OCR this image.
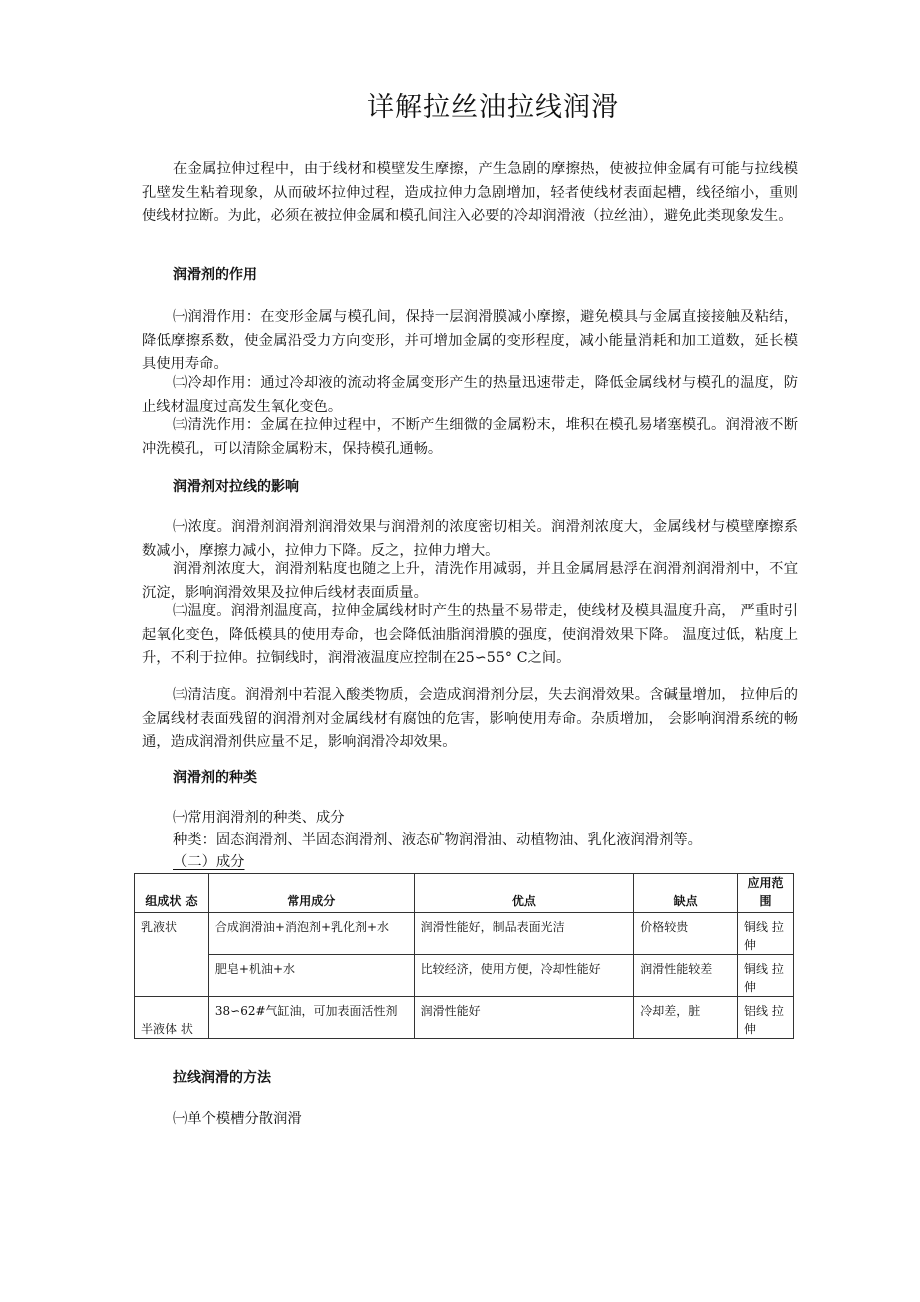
详解拉丝油拉线润滑
在金属拉伸过程中，由于线材和模壁发生摩擦，产生急剧的摩擦热，使被拉伸金属有可能与拉线模孔壁发生粘着现象，从而破坏拉伸过程，造成拉伸力急剧增加，轻者使线材表面起槽，线径缩小，重则使线材拉断。为此，必须在被拉伸金属和模孔间注入必要的冷却润滑液（拉丝油），避免此类现象发生。
润滑剂的作用
㈠润滑作用：在变形金属与模孔间，保持一层润滑膜减小摩擦，避免模具与金属直接接触及粘结，降低摩擦系数，使金属沿受力方向变形，并可增加金属的变形程度，减小能量消耗和加工道数，延长模具使用寿命。
㈡冷却作用：通过冷却液的流动将金属变形产生的热量迅速带走，降低金属线材与模孔的温度，防止线材温度过高发生氧化变色。
㈢清洗作用：金属在拉伸过程中，不断产生细微的金属粉末，堆积在模孔易堵塞模孔。润滑液不断冲洗模孔，可以清除金属粉末，保持模孔通畅。
润滑剂对拉线的影响
㈠浓度。润滑剂润滑剂润滑效果与润滑剂的浓度密切相关。润滑剂浓度大，金属线材与模壁摩擦系数减小，摩擦力减小，拉伸力下降。反之，拉伸力增大。
润滑剂浓度大，润滑剂粘度也随之上升，清洗作用减弱，并且金属屑悬浮在润滑剂润滑剂中，不宜沉淀，影响润滑效果及拉伸后线材表面质量。
㈡温度。润滑剂温度高，拉伸金属线材时产生的热量不易带走，使线材及模具温度升高， 严重时引起氧化变色，降低模具的使用寿命，也会降低油脂润滑膜的强度，使润滑效果下降。 温度过低，粘度上升，不利于拉伸。拉铜线时，润滑液温度应控制在25∽55° C之间。
㈢清洁度。润滑剂中若混入酸类物质，会造成润滑剂分层，失去润滑效果。含碱量增加， 拉伸后的金属线材表面残留的润滑剂对金属线材有腐蚀的危害，影响使用寿命。杂质增加， 会影响润滑系统的畅通，造成润滑剂供应量不足，影响润滑冷却效果。
润滑剂的种类
㈠常用润滑剂的种类、成分
种类：固态润滑剂、半固态润滑剂、液态矿物润滑油、动植物油、乳化液润滑剂等。
（二）成分
组成状 态	常用成分	优点	缺点	应用范围
乳液状	合成润滑油+消泡剂+乳化剂+水	润滑性能好，制品表面光洁	价格较贵	铜线 拉伸
	肥皂+机油+水	比较经济，使用方便，冷却性能好	润滑性能较差	铜线 拉伸
半液体 状	38∽62#气缸油，可加表面活性剂	润滑性能好	冷却差，脏	铝线 拉伸
拉线润滑的方法
㈠单个模槽分散润滑
